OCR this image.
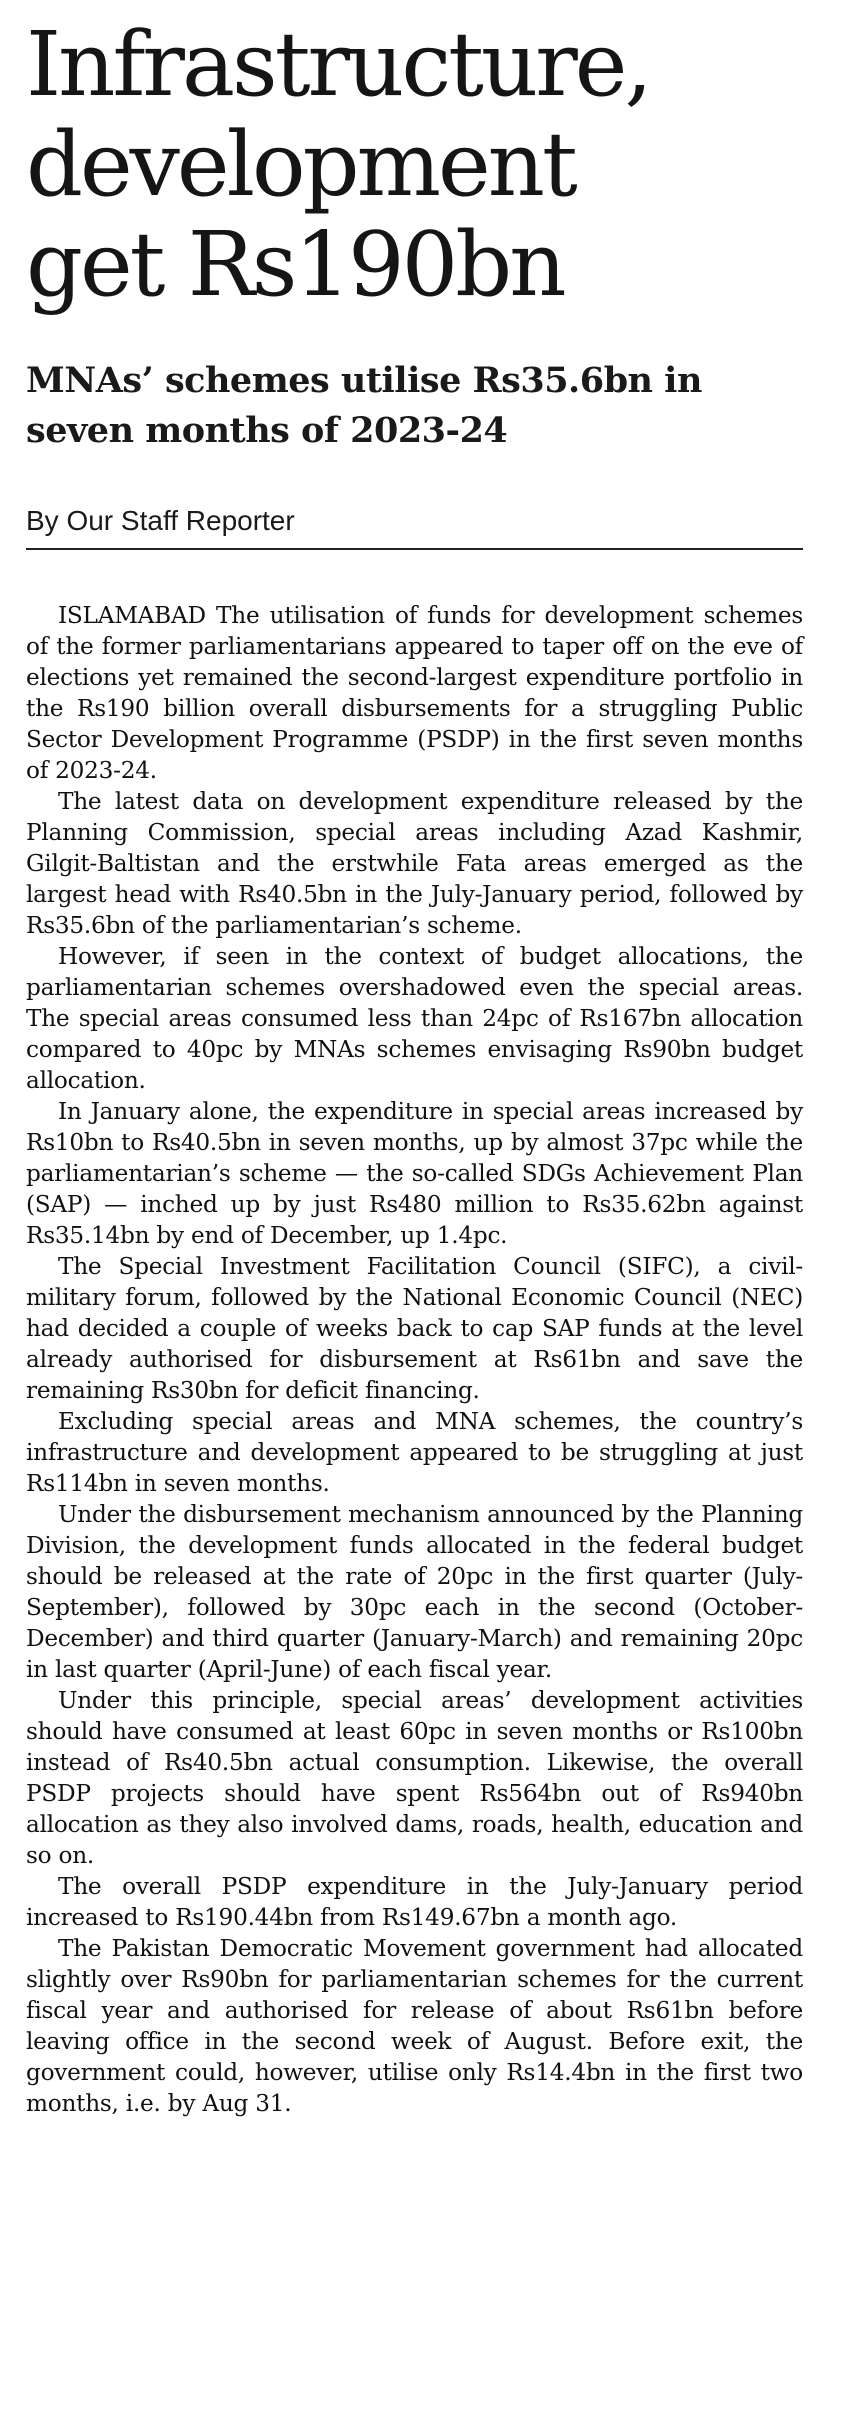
Infrastructure,
development
get Rs190bn
MNAs’ schemes utilise Rs35.6bn in
seven months of 2023-24
By Our Staff Reporter

ISLAMABAD The utilisation of funds for development schemes of the former parliamentarians appeared to taper off on the eve of elections yet remained the second-largest expenditure portfolio in the Rs190 billion overall disbursements for a struggling Public Sector Development Programme (PSDP) in the first seven months of 2023-24.

The latest data on development expenditure released by the Planning Commission, special areas including Azad Kashmir, Gilgit-Baltistan and the erstwhile Fata areas emerged as the largest head with Rs40.5bn in the July-January period, followed by Rs35.6bn of the parliamentarian’s scheme.

However, if seen in the context of budget allocations, the parliamentarian schemes overshadowed even the special areas. The special areas consumed less than 24pc of Rs167bn allocation compared to 40pc by MNAs schemes envisaging Rs90bn budget allocation.

In January alone, the expenditure in special areas increased by Rs10bn to Rs40.5bn in seven months, up by almost 37pc while the parliamentarian’s scheme — the so-called SDGs Achievement Plan (SAP) — inched up by just Rs480 million to Rs35.62bn against Rs35.14bn by end of December, up 1.4pc.

The Special Investment Facilitation Council (SIFC), a civil-military forum, followed by the National Economic Council (NEC) had decided a couple of weeks back to cap SAP funds at the level already authorised for disbursement at Rs61bn and save the remaining Rs30bn for deficit financing.

Excluding special areas and MNA schemes, the country’s infrastructure and development appeared to be struggling at just Rs114bn in seven months.

Under the disbursement mechanism announced by the Planning Division, the development funds allocated in the federal budget should be released at the rate of 20pc in the first quarter (July-September), followed by 30pc each in the second (October-December) and third quarter (January-March) and remaining 20pc in last quarter (April-June) of each fiscal year.

Under this principle, special areas’ development activities should have consumed at least 60pc in seven months or Rs100bn instead of Rs40.5bn actual consumption. Likewise, the overall PSDP projects should have spent Rs564bn out of Rs940bn allocation as they also involved dams, roads, health, education and so on.

The overall PSDP expenditure in the July-January period increased to Rs190.44bn from Rs149.67bn a month ago.

The Pakistan Democratic Movement government had allocated slightly over Rs90bn for parliamentarian schemes for the current fiscal year and authorised for release of about Rs61bn before leaving office in the second week of August. Before exit, the government could, however, utilise only Rs14.4bn in the first two months, i.e. by Aug 31.
